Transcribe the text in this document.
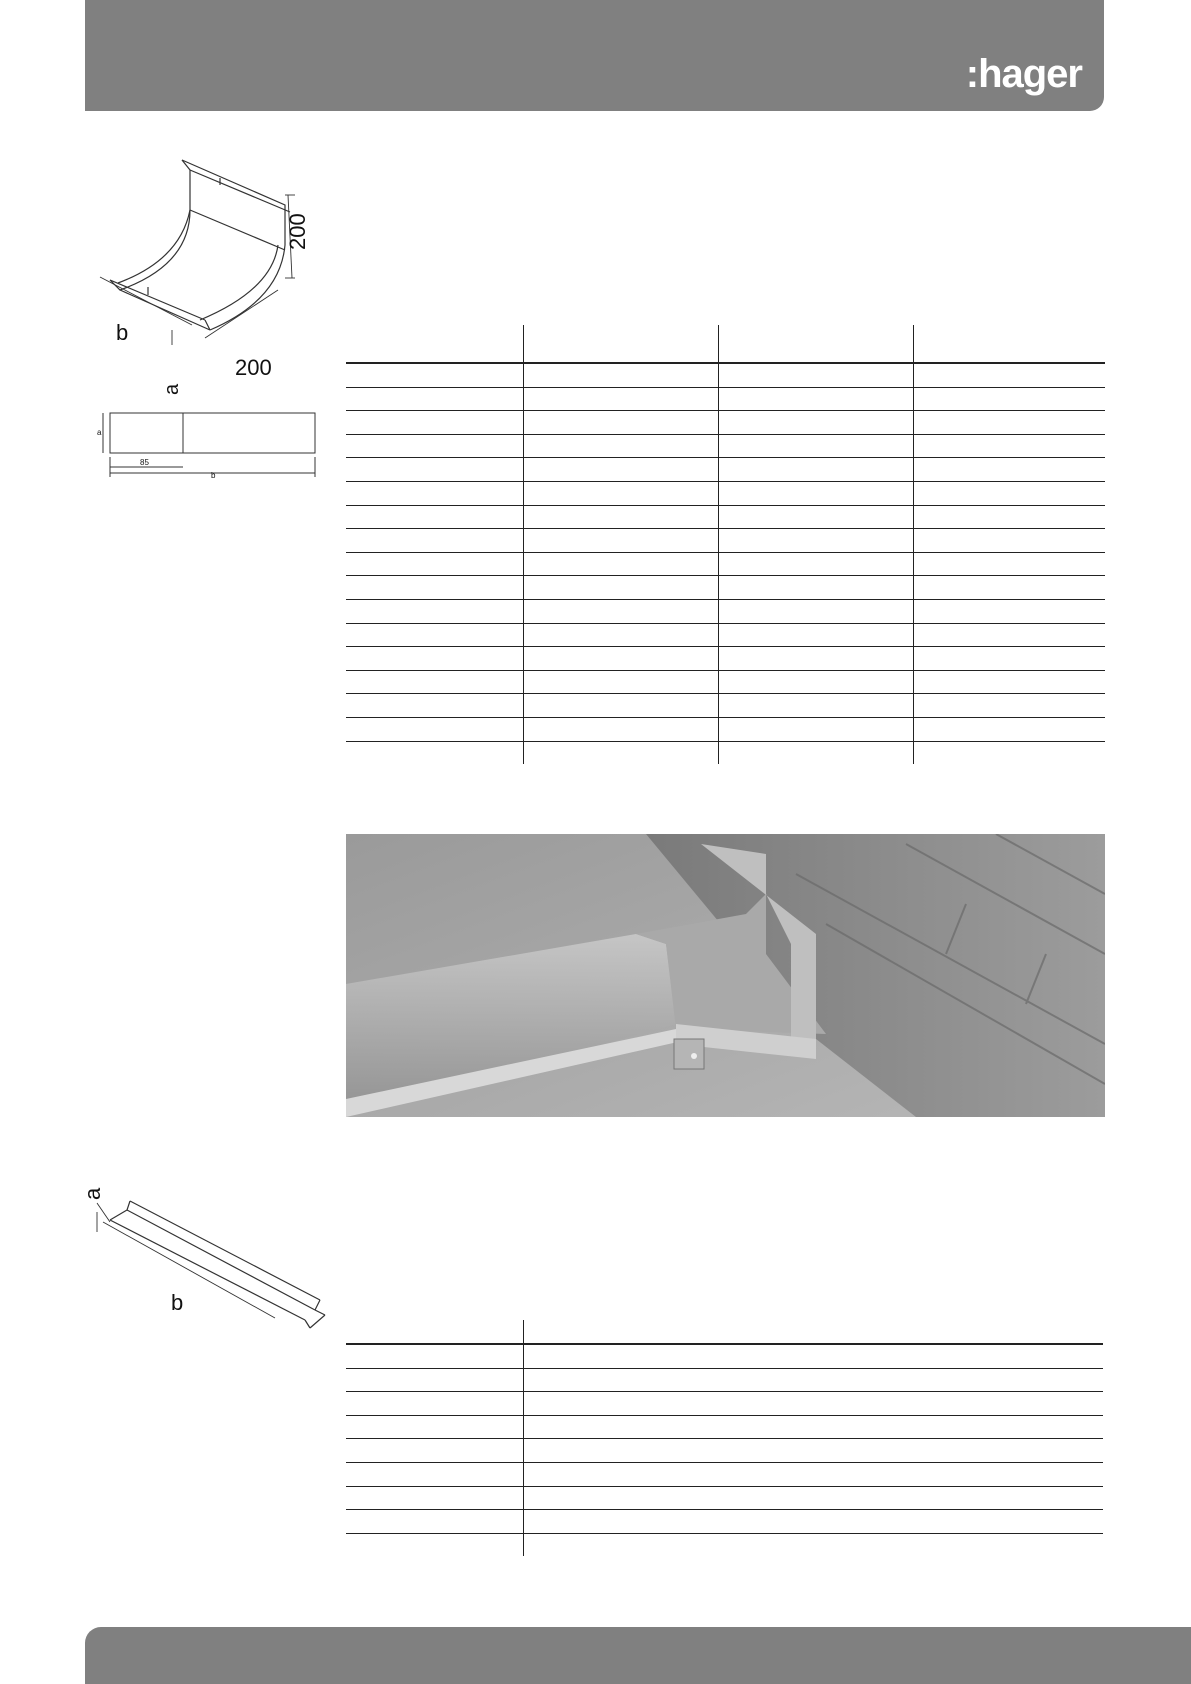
:hager
200
b
200
a
a
85
b

a
b
